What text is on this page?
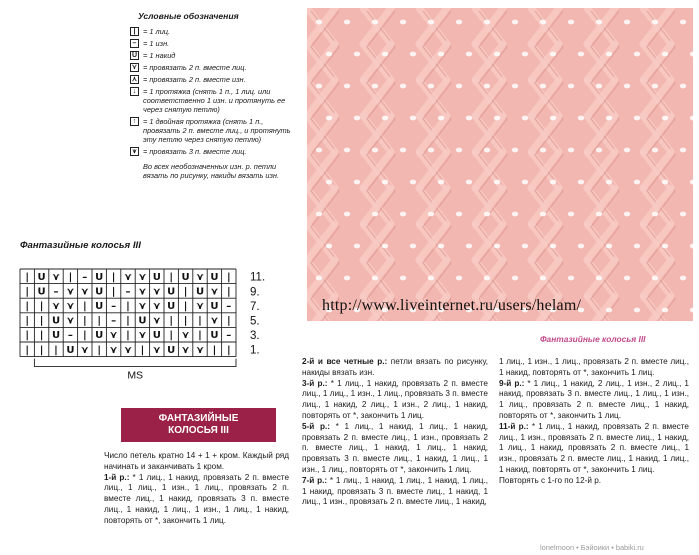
Условные обозначения
|	= 1 лиц.
– = 1 изн.
U = 1 накид
⋎ = провязать 2 п. вместе лиц.
⋏ = провязать 2 п. вместе изн.
↓ = 1 протяжка (снять 1 п., 1 лиц. или соответственно 1 изн. и протянуть ее через снятую петлю)
↑ = 1 двойная протяжка (снять 1 п., провязать 2 п. вместе лиц., и протянуть эту петлю через снятую петлю)
⩛ = провязать 3 п. вместе лиц.
Во всех необозначенных изн. р. петли вязать по рисунку, накиды вязать изн.
http://www.liveinternet.ru/users/helam/
Фантазийные колосья III
Фантазийные колосья III
| U ⋎ | – U | ⋎ ⋎ U | U ⋎ U |
| U – ⋎ ⋎ U | – ⋎ ⋎ U | U ⋎ |
| | ⋎ ⋎ | U – | ⋎ ⋎ U | ⋎ U –
| | U ⋎ | | – | U ⋎ | | | ⋎ |
| | U – | U ⋎ | ⋎ U | ⋎ | U –
| | | U ⋎ | ⋎ ⋎ | ⋎ U ⋎ ⋎ | |
11.
9.
7.
5.
3.
1.
MS
ФАНТАЗИЙНЫЕ
КОЛОСЬЯ III

Число петель кратно 14 + 1 + кром. Каждый ряд начинать и заканчивать 1 кром.

1-й р.: * 1 лиц., 1 накид, провязать 2 п. вместе лиц., 1 лиц., 1 изн., 1 лиц., провязать 2 п. вместе лиц., 1 накид, провязать 3 п. вместе лиц., 1 накид, 1 лиц., 1 изн., 1 лиц., 1 накид, повторять от *, закончить 1 лиц.

2-й и все четные р.: петли вязать по рисунку, накиды вязать изн.

3-й р.: * 1 лиц., 1 накид, провязать 2 п. вместе лиц., 1 лиц., 1 изн., 1 лиц., провязать 3 п. вместе лиц., 1 накид, 2 лиц., 1 изн., 2 лиц., 1 накид, повторять от *, закончить 1 лиц.

5-й р.: * 1 лиц., 1 накид, 1 лиц., 1 накид, провязать 2 п. вместе лиц., 1 изн., провязать 2 п. вместе лиц., 1 накид, 1 лиц., 1 накид, провязать 3 п. вместе лиц., 1 накид, 1 лиц., 1 изн., 1 лиц., повторять от *, закончить 1 лиц.

7-й р.: * 1 лиц., 1 накид, 1 лиц., 1 накид, 1 лиц., 1 накид, провязать 3 п. вместе лиц., 1 накид, 1 лиц., 1 изн., провязать 2 п. вместе лиц., 1 накид,

1 лиц., 1 изн., 1 лиц., провязать 2 п. вместе лиц., 1 накид, повторять от *, закончить 1 лиц.

9-й р.: * 1 лиц., 1 накид, 2 лиц., 1 изн., 2 лиц., 1 накид, провязать 3 п. вместе лиц., 1 лиц., 1 изн., 1 лиц., провязать 2 п. вместе лиц., 1 накид, повторять от *, закончить 1 лиц.

11-й р.: * 1 лиц., 1 накид, провязать 2 п. вместе лиц., 1 изн., провязать 2 п. вместе лиц., 1 накид, 1 лиц., 1 накид, провязать 2 п. вместе лиц., 1 изн., провязать 2 п. вместе лиц., 1 накид, 1 лиц., 1 накид, повторять от *, закончить 1 лиц.

Повторять с 1-го по 12-й р.

lonelmoon • Бэйоики • babiki.ru
